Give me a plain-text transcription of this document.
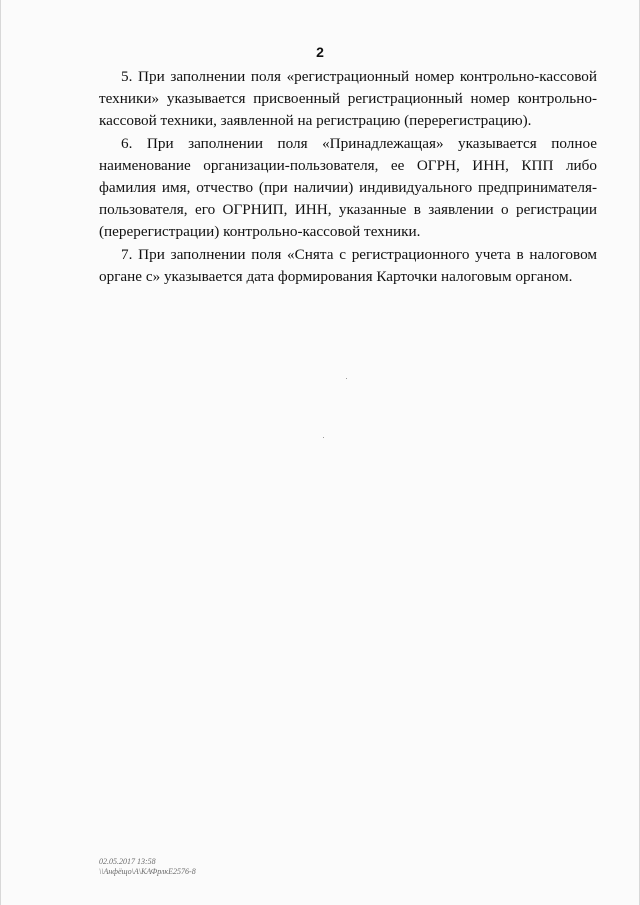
2

5. При заполнении поля «регистрационный номер контрольно-кассовой техники» указывается присвоенный регистрационный номер контрольно-кассовой техники, заявленной на регистрацию (перерегистрацию).

6. При заполнении поля «Принадлежащая» указывается полное наименование организации-пользователя, ее ОГРН, ИНН, КПП либо фамилия имя, отчество (при наличии) индивидуального предпринимателя-пользователя, его ОГРНИП, ИНН, указанные в заявлении о регистрации (перерегистрации) контрольно-кассовой техники.

7. При заполнении поля «Снята с регистрационного учета в налоговом органе с» указывается дата формирования Карточки налоговым органом.

02.05.2017 13:58
\\Анфёщо\А\КАФрлкЕ2576-8
